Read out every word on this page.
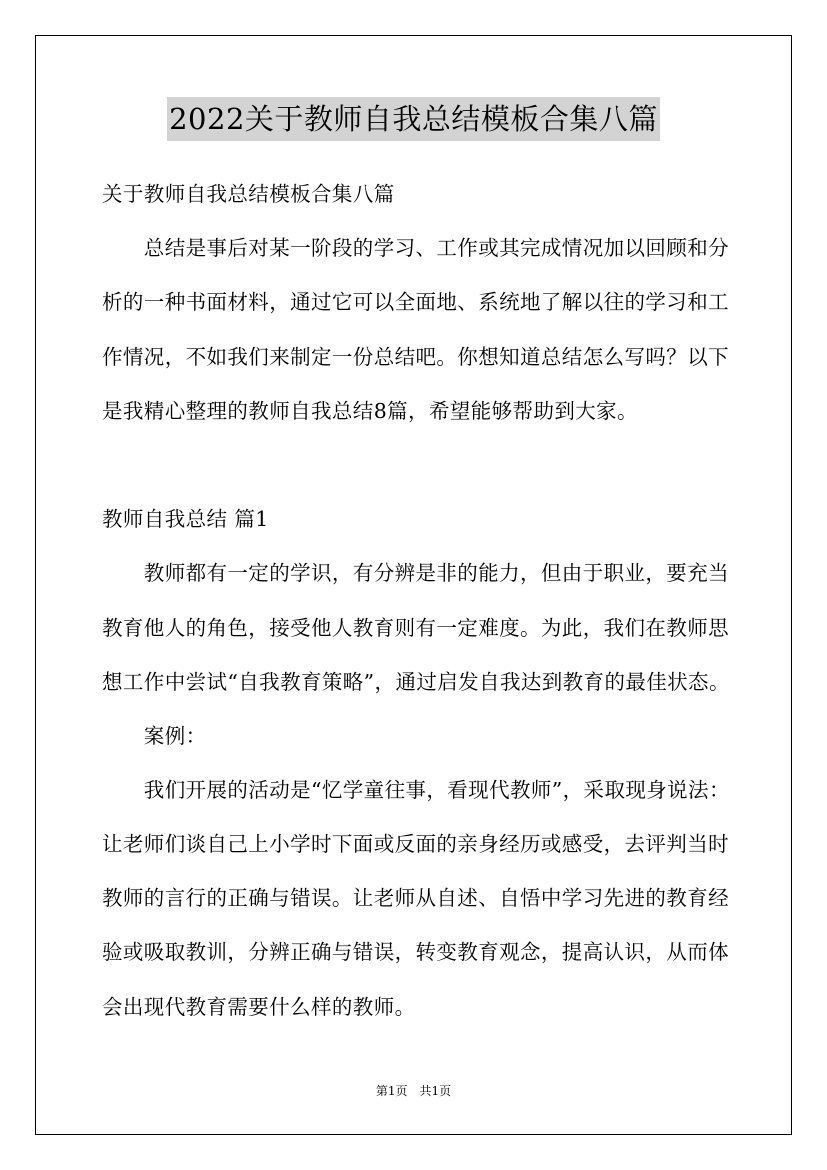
2022关于教师自我总结模板合集八篇
关于教师自我总结模板合集八篇
　　总结是事后对某一阶段的学习、工作或其完成情况加以回顾和分
析的一种书面材料，通过它可以全面地、系统地了解以往的学习和工
作情况，不如我们来制定一份总结吧。你想知道总结怎么写吗？以下
是我精心整理的教师自我总结8篇，希望能够帮助到大家。
教师自我总结 篇1
　　教师都有一定的学识，有分辨是非的能力，但由于职业，要充当
教育他人的角色，接受他人教育则有一定难度。为此，我们在教师思
想工作中尝试“自我教育策略”，通过启发自我达到教育的最佳状态。
　　案例：
　　我们开展的活动是“忆学童往事，看现代教师”，采取现身说法：
让老师们谈自己上小学时下面或反面的亲身经历或感受，去评判当时
教师的言行的正确与错误。让老师从自述、自悟中学习先进的教育经
验或吸取教训，分辨正确与错误，转变教育观念，提高认识，从而体
会出现代教育需要什么样的教师。
第1页　共1页
